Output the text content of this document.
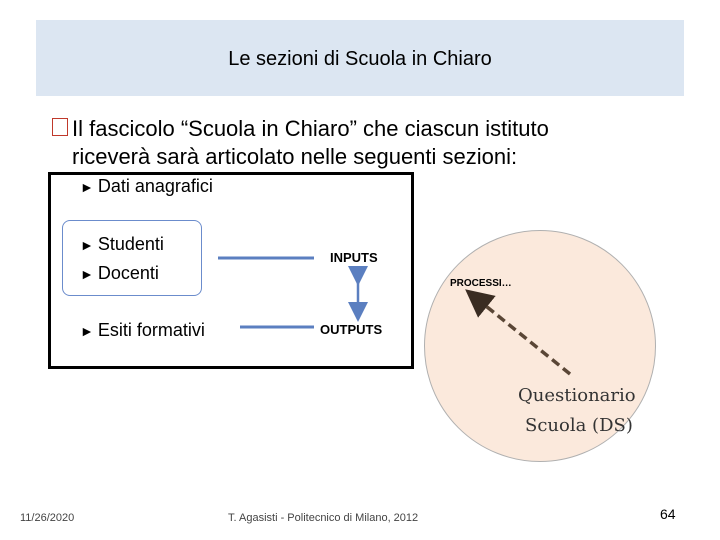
Le sezioni di Scuola in Chiaro
Il fascicolo “Scuola in Chiaro” che ciascun istituto
riceverà sarà articolato nelle seguenti sezioni:
► Dati anagrafici
► Studenti
► Docenti
► Esiti formativi
INPUTS
OUTPUTS
PROCESSI…
Questionario
Scuola (DS)
11/26/2020	T. Agasisti - Politecnico di Milano, 2012	64
